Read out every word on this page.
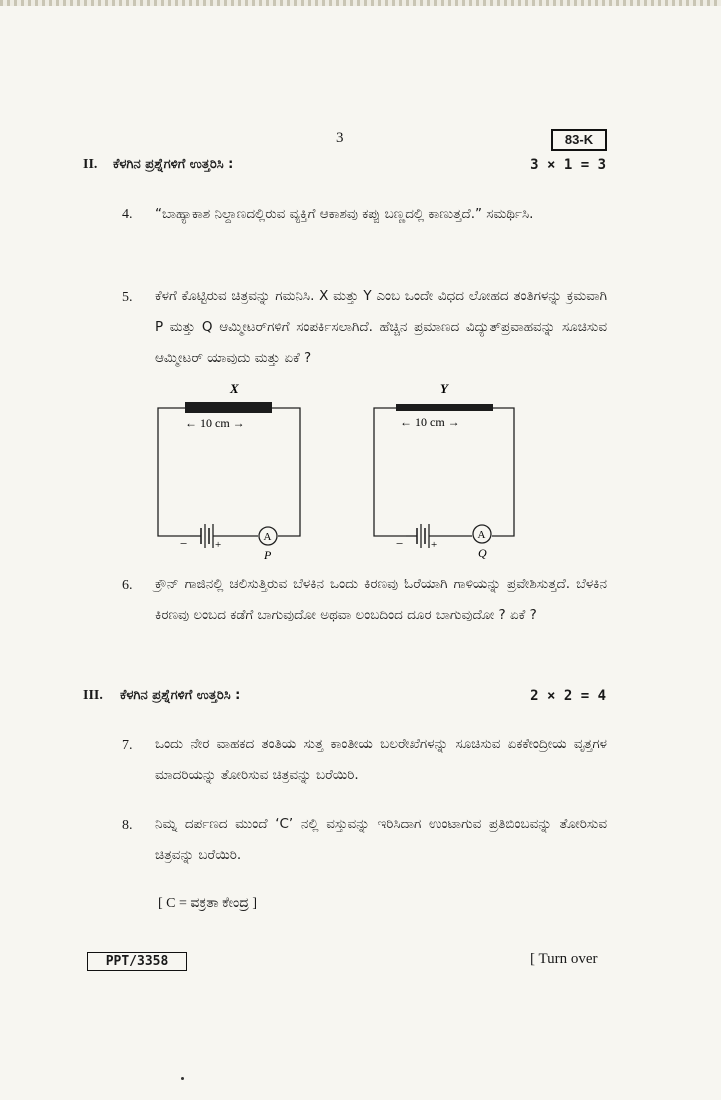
3	83-K
II. ಕೆಳಗಿನ ಪ್ರಶ್ನೆಗಳಿಗೆ ಉತ್ತರಿಸಿ :	3 × 1 = 3
4. “ಬಾಹ್ಯಾಕಾಶ ನಿಲ್ದಾಣದಲ್ಲಿರುವ ವ್ಯಕ್ತಿಗೆ ಆಕಾಶವು ಕಪ್ಪು ಬಣ್ಣದಲ್ಲಿ ಕಾಣುತ್ತದೆ.” ಸಮರ್ಥಿಸಿ.
5. ಕೆಳಗೆ ಕೊಟ್ಟಿರುವ ಚಿತ್ರವನ್ನು ಗಮನಿಸಿ. X ಮತ್ತು Y ಎಂಬ ಒಂದೇ ವಿಧದ ಲೋಹದ ತಂತಿಗಳನ್ನು ಕ್ರಮವಾಗಿ P ಮತ್ತು Q ಆಮ್ಮೀಟರ್‌ಗಳಿಗೆ ಸಂಪರ್ಕಿಸಲಾಗಿದೆ. ಹೆಚ್ಚಿನ ಪ್ರಮಾಣದ ವಿದ್ಯುತ್‌ಪ್ರವಾಹವನ್ನು ಸೂಚಿಸುವ ಆಮ್ಮೀಟರ್ ಯಾವುದು ಮತ್ತು ಏಕೆ ?
X
← 10 cm →
−	+
A
P
Y
← 10 cm →
−	+
A
Q
6. ಕ್ರೌನ್ ಗಾಜಿನಲ್ಲಿ ಚಲಿಸುತ್ತಿರುವ ಬೆಳಕಿನ ಒಂದು ಕಿರಣವು ಓರೆಯಾಗಿ ಗಾಳಿಯನ್ನು ಪ್ರವೇಶಿಸುತ್ತದೆ. ಬೆಳಕಿನ ಕಿರಣವು ಲಂಬದ ಕಡೆಗೆ ಬಾಗುವುದೋ ಅಥವಾ ಲಂಬದಿಂದ ದೂರ ಬಾಗುವುದೋ ? ಏಕೆ ?
III. ಕೆಳಗಿನ ಪ್ರಶ್ನೆಗಳಿಗೆ ಉತ್ತರಿಸಿ :	2 × 2 = 4
7. ಒಂದು ನೇರ ವಾಹಕದ ತಂತಿಯ ಸುತ್ತ ಕಾಂತೀಯ ಬಲರೇಖೆಗಳನ್ನು ಸೂಚಿಸುವ ಏಕಕೇಂದ್ರೀಯ ವೃತ್ತಗಳ ಮಾದರಿಯನ್ನು ತೋರಿಸುವ ಚಿತ್ರವನ್ನು ಬರೆಯಿರಿ.
8. ನಿಮ್ನ ದರ್ಪಣದ ಮುಂದೆ ‘C’ ನಲ್ಲಿ ವಸ್ತುವನ್ನು ಇರಿಸಿದಾಗ ಉಂಟಾಗುವ ಪ್ರತಿಬಿಂಬವನ್ನು ತೋರಿಸುವ ಚಿತ್ರವನ್ನು ಬರೆಯಿರಿ.
[ C = ವಕ್ರತಾ ಕೇಂದ್ರ ]
PPT/3358	[ Turn over
